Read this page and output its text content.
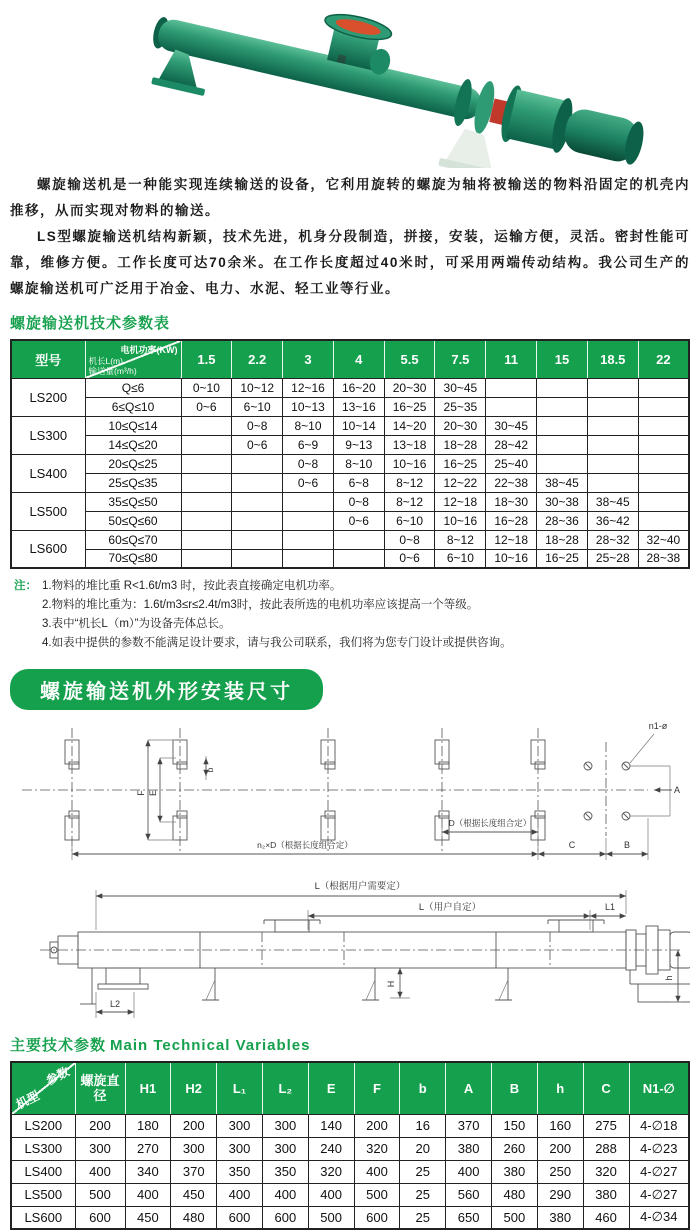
螺旋输送机是一种能实现连续输送的设备，它利用旋转的螺旋为轴将被输送的物料沿固定的机壳内推移，从而实现对物料的输送。

LS型螺旋输送机结构新颖，技术先进，机身分段制造，拼接，安装，运输方便，灵活。密封性能可靠，维修方便。工作长度可达70余米。在工作长度超过40米时，可采用两端传动结构。我公司生产的螺旋输送机可广泛用于冶金、电力、水泥、轻工业等行业。

螺旋输送机技术参数表
型号	电机功率(KW)
机长L(m)
输送量(m³/h)	1.5	2.2	3	4	5.5	7.5	11	15	18.5	22
LS200	Q≤6	0~10	10~12	12~16	16~20	20~30	30~45				
	6≤Q≤10	0~6	6~10	10~13	13~16	16~25	25~35				
LS300	10≤Q≤14		0~8	8~10	10~14	14~20	20~30	30~45			
	14≤Q≤20		0~6	6~9	9~13	13~18	18~28	28~42			
LS400	20≤Q≤25			0~8	8~10	10~16	16~25	25~40			
	25≤Q≤35			0~6	6~8	8~12	12~22	22~38	38~45		
LS500	35≤Q≤50				0~8	8~12	12~18	18~30	30~38	38~45	
	50≤Q≤60				0~6	6~10	10~16	16~28	28~36	36~42	
LS600	60≤Q≤70					0~8	8~12	12~18	18~28	28~32	32~40
	70≤Q≤80					0~6	6~10	10~16	16~25	25~28	28~38
注： 1.物料的堆比重 R<1.6t/m3 时，按此表直接确定电机功率。
2.物料的堆比重为：1.6t/m3≤r≤2.4t/m3时，按此表所选的电机功率应该提高一个等级。
3.表中“机长L（m）”为设备壳体总长。
4.如表中提供的参数不能满足设计要求，请与我公司联系，我们将为您专门设计或提供咨询。
螺旋输送机外形安装尺寸
F E
b
n1-ø
A
D（根据长度组合定）
n₂×D（根据长度组合定）	C	B
L（根据用户需要定）
L（用户自定）	L1
L2
H
h
主要技术参数 Main Technical Variables
参数
机型	螺旋直径	H1	H2	L₁	L₂	E	F	b	A	B	h	C	N1-∅
LS200	200	180	200	300	300	140	200	16	370	150	160	275	4-∅18
LS300	300	270	300	300	300	240	320	20	380	260	200	288	4-∅23
LS400	400	340	370	350	350	320	400	25	400	380	250	320	4-∅27
LS500	500	400	450	400	400	400	500	25	560	480	290	380	4-∅27
LS600	600	450	480	600	600	500	600	25	650	500	380	460	4-∅34
